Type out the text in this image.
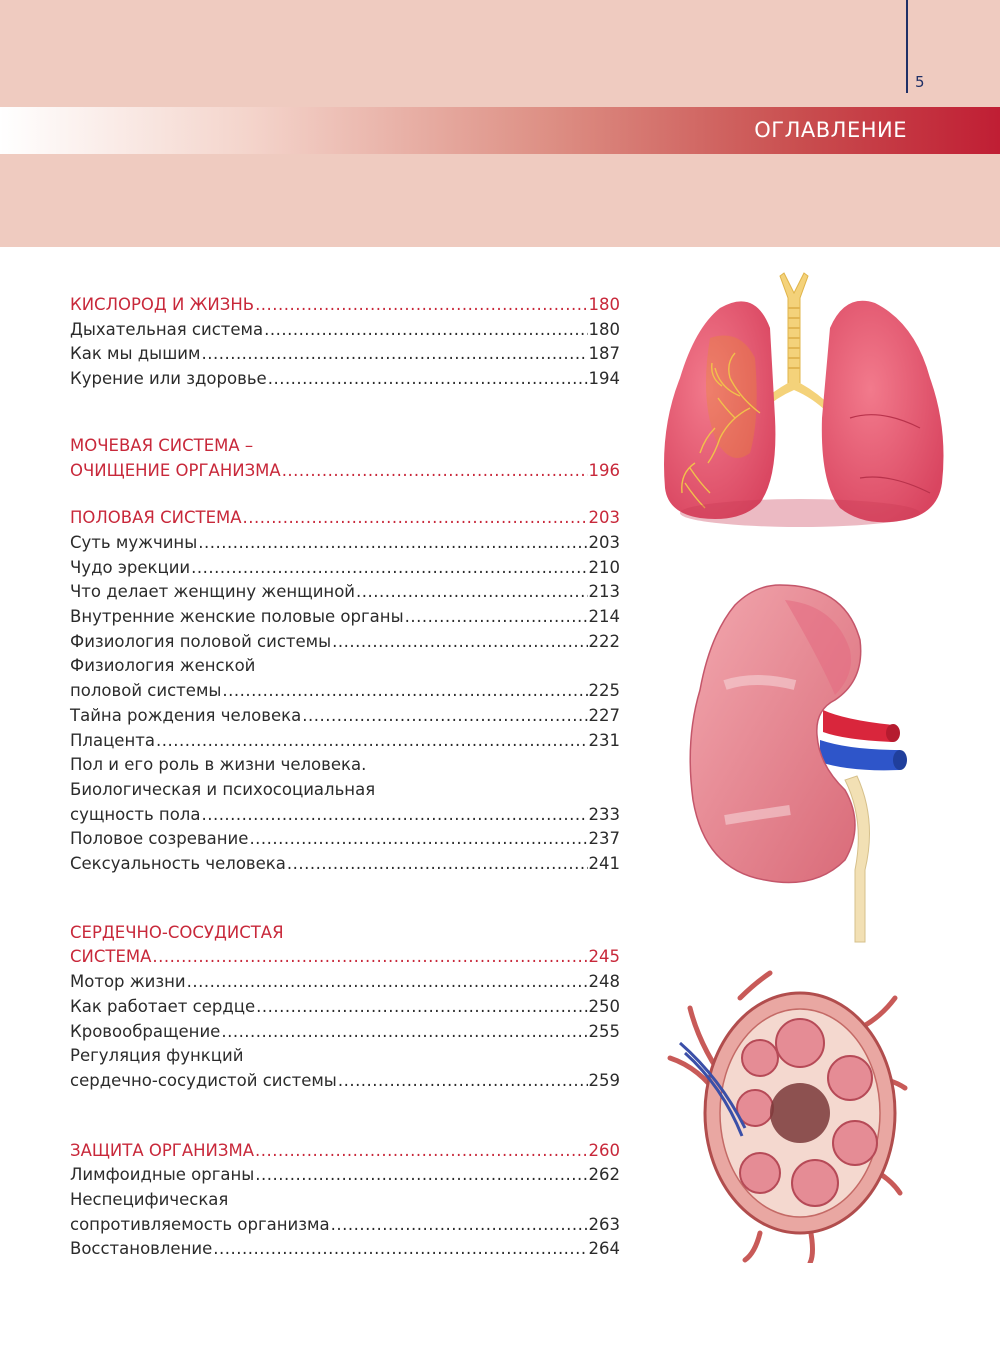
ОГЛАВЛЕНИЕ
5
КИСЛОРОД И ЖИЗНЬ .....	180
Дыхательная система .....	180
Как мы дышим .....	187
Курение или здоровье .....	194
МОЧЕВАЯ СИСТЕМА –
ОЧИЩЕНИЕ ОРГАНИЗМА .....	196
ПОЛОВАЯ СИСТЕМА .....	203
Суть мужчины .....	203
Чудо эрекции .....	210
Что делает женщину женщиной .....	213
Внутренние женские половые органы .....	214
Физиология половой системы .....	222
Физиология женской
половой системы .....	225
Тайна рождения человека .....	227
Плацента .....	231
Пол и его роль в жизни человека.
Биологическая и психосоциальная
сущность пола .....	233
Половое созревание .....	237
Сексуальность человека .....	241
СЕРДЕЧНО-СОСУДИСТАЯ
СИСТЕМА .....	245
Мотор жизни .....	248
Как работает сердце .....	250
Кровообращение .....	255
Регуляция функций
сердечно-сосудистой системы .....	259
ЗАЩИТА ОРГАНИЗМА .....	260
Лимфоидные органы .....	262
Неспецифическая
сопротивляемость организма .....	263
Восстановление .....	264
